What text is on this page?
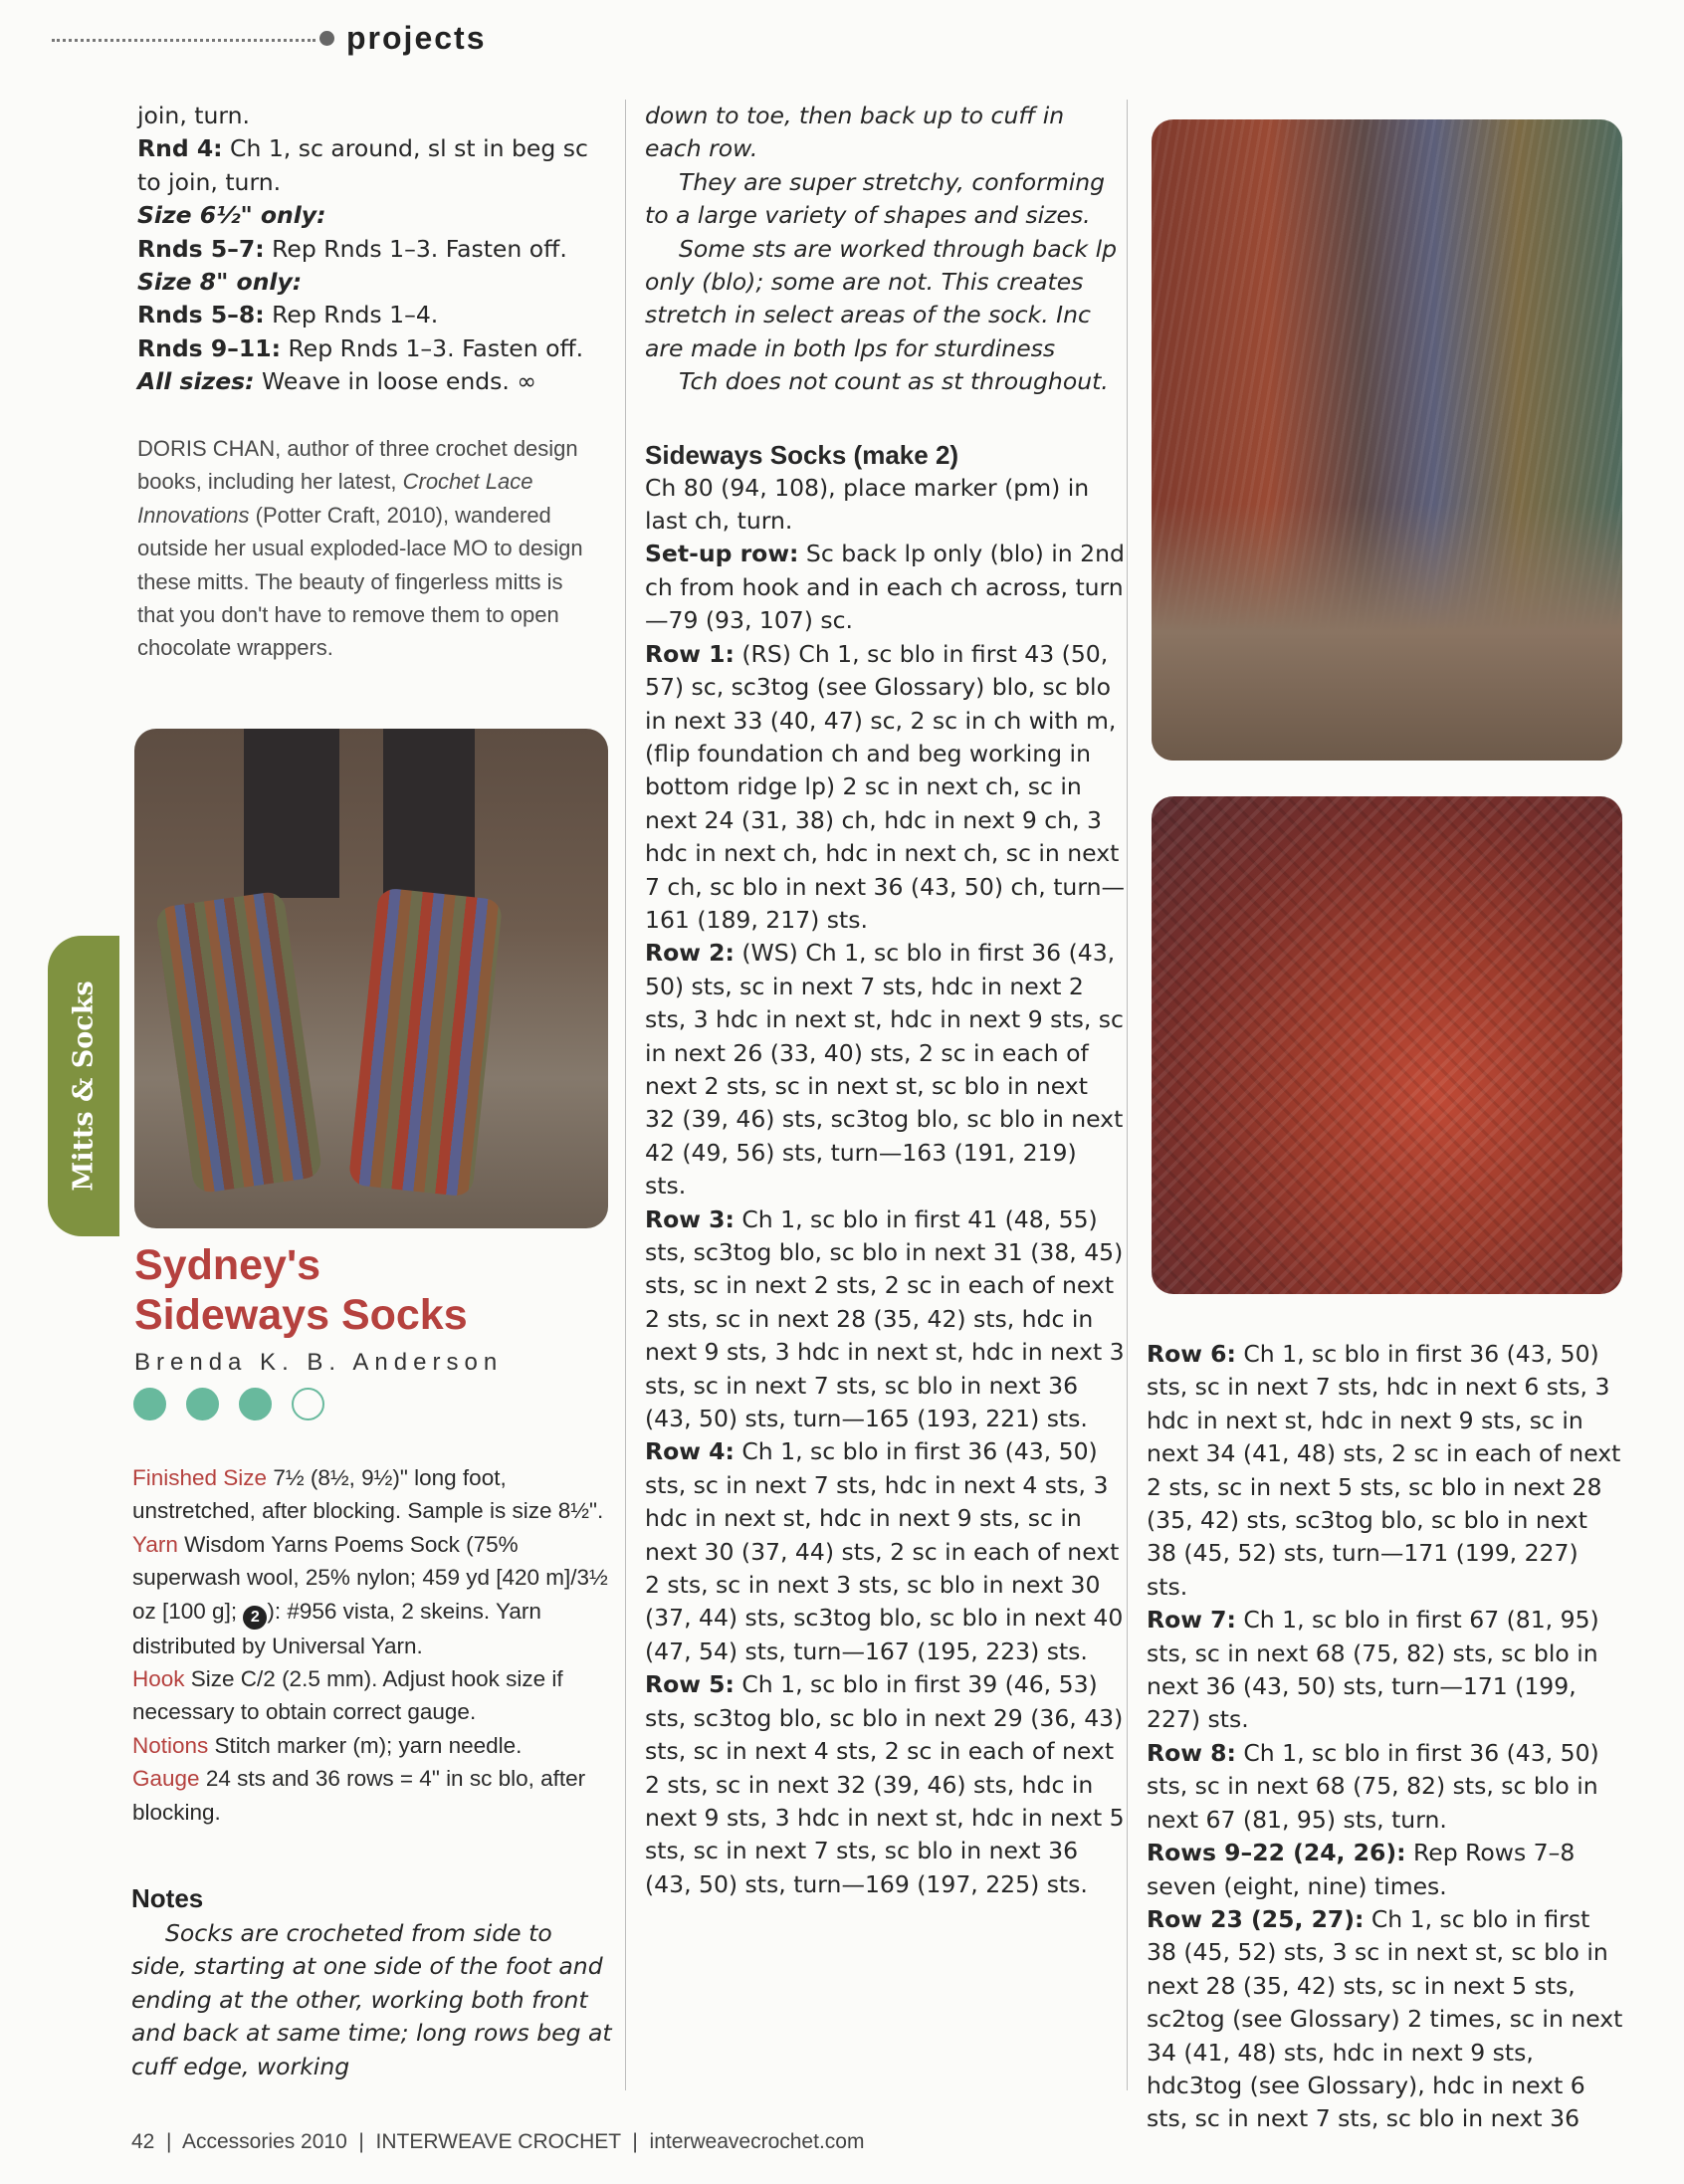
projects

join, turn.

Rnd 4: Ch 1, sc around, sl st in beg sc to join, turn.

Size 6½" only:

Rnds 5–7: Rep Rnds 1–3. Fasten off.

Size 8" only:

Rnds 5–8: Rep Rnds 1–4.

Rnds 9–11: Rep Rnds 1–3. Fasten off.

All sizes: Weave in loose ends. ∞

DORIS CHAN, author of three crochet design books, including her latest, Crochet Lace Innovations (Potter Craft, 2010), wandered outside her usual exploded-lace MO to design these mitts. The beauty of fingerless mitts is that you don't have to remove them to open chocolate wrappers.
Mitts & Socks
Sydney's
Sideways Socks
Brenda K. B. Anderson

Finished Size 7½ (8½, 9½)" long foot, unstretched, after blocking. Sample is size 8½".

Yarn Wisdom Yarns Poems Sock (75% superwash wool, 25% nylon; 459 yd [420 m]/3½ oz [100 g]; 2 ): #956 vista, 2 skeins. Yarn distributed by Universal Yarn.

Hook Size C/2 (2.5 mm). Adjust hook size if necessary to obtain correct gauge.

Notions Stitch marker (m); yarn needle.

Gauge 24 sts and 36 rows = 4" in sc blo, after blocking.

Notes

Socks are crocheted from side to side, starting at one side of the foot and ending at the other, working both front and back at same time; long rows beg at cuff edge, working

down to toe, then back up to cuff in each row.

They are super stretchy, conforming to a large variety of shapes and sizes.

Some sts are worked through back lp only (blo); some are not. This creates stretch in select areas of the sock. Inc are made in both lps for sturdiness

Tch does not count as st throughout.

Sideways Socks (make 2)

Ch 80 (94, 108), place marker (pm) in last ch, turn.

Set-up row: Sc back lp only (blo) in 2nd ch from hook and in each ch across, turn—79 (93, 107) sc.

Row 1: (RS) Ch 1, sc blo in first 43 (50, 57) sc, sc3tog (see Glossary) blo, sc blo in next 33 (40, 47) sc, 2 sc in ch with m, (flip foundation ch and beg working in bottom ridge lp) 2 sc in next ch, sc in next 24 (31, 38) ch, hdc in next 9 ch, 3 hdc in next ch, hdc in next ch, sc in next 7 ch, sc blo in next 36 (43, 50) ch, turn—161 (189, 217) sts.

Row 2: (WS) Ch 1, sc blo in first 36 (43, 50) sts, sc in next 7 sts, hdc in next 2 sts, 3 hdc in next st, hdc in next 9 sts, sc in next 26 (33, 40) sts, 2 sc in each of next 2 sts, sc in next st, sc blo in next 32 (39, 46) sts, sc3tog blo, sc blo in next 42 (49, 56) sts, turn—163 (191, 219) sts.

Row 3: Ch 1, sc blo in first 41 (48, 55) sts, sc3tog blo, sc blo in next 31 (38, 45) sts, sc in next 2 sts, 2 sc in each of next 2 sts, sc in next 28 (35, 42) sts, hdc in next 9 sts, 3 hdc in next st, hdc in next 3 sts, sc in next 7 sts, sc blo in next 36 (43, 50) sts, turn—165 (193, 221) sts.

Row 4: Ch 1, sc blo in first 36 (43, 50) sts, sc in next 7 sts, hdc in next 4 sts, 3 hdc in next st, hdc in next 9 sts, sc in next 30 (37, 44) sts, 2 sc in each of next 2 sts, sc in next 3 sts, sc blo in next 30 (37, 44) sts, sc3tog blo, sc blo in next 40 (47, 54) sts, turn—167 (195, 223) sts.

Row 5: Ch 1, sc blo in first 39 (46, 53) sts, sc3tog blo, sc blo in next 29 (36, 43) sts, sc in next 4 sts, 2 sc in each of next 2 sts, sc in next 32 (39, 46) sts, hdc in next 9 sts, 3 hdc in next st, hdc in next 5 sts, sc in next 7 sts, sc blo in next 36 (43, 50) sts, turn—169 (197, 225) sts.

Row 6: Ch 1, sc blo in first 36 (43, 50) sts, sc in next 7 sts, hdc in next 6 sts, 3 hdc in next st, hdc in next 9 sts, sc in next 34 (41, 48) sts, 2 sc in each of next 2 sts, sc in next 5 sts, sc blo in next 28 (35, 42) sts, sc3tog blo, sc blo in next 38 (45, 52) sts, turn—171 (199, 227) sts.

Row 7: Ch 1, sc blo in first 67 (81, 95) sts, sc in next 68 (75, 82) sts, sc blo in next 36 (43, 50) sts, turn—171 (199, 227) sts.

Row 8: Ch 1, sc blo in first 36 (43, 50) sts, sc in next 68 (75, 82) sts, sc blo in next 67 (81, 95) sts, turn.

Rows 9–22 (24, 26): Rep Rows 7–8 seven (eight, nine) times.

Row 23 (25, 27): Ch 1, sc blo in first 38 (45, 52) sts, 3 sc in next st, sc blo in next 28 (35, 42) sts, sc in next 5 sts, sc2tog (see Glossary) 2 times, sc in next 34 (41, 48) sts, hdc in next 9 sts, hdc3tog (see Glossary), hdc in next 6 sts, sc in next 7 sts, sc blo in next 36

42  |  Accessories 2010  |  INTERWEAVE CROCHET  |  interweavecrochet.com
